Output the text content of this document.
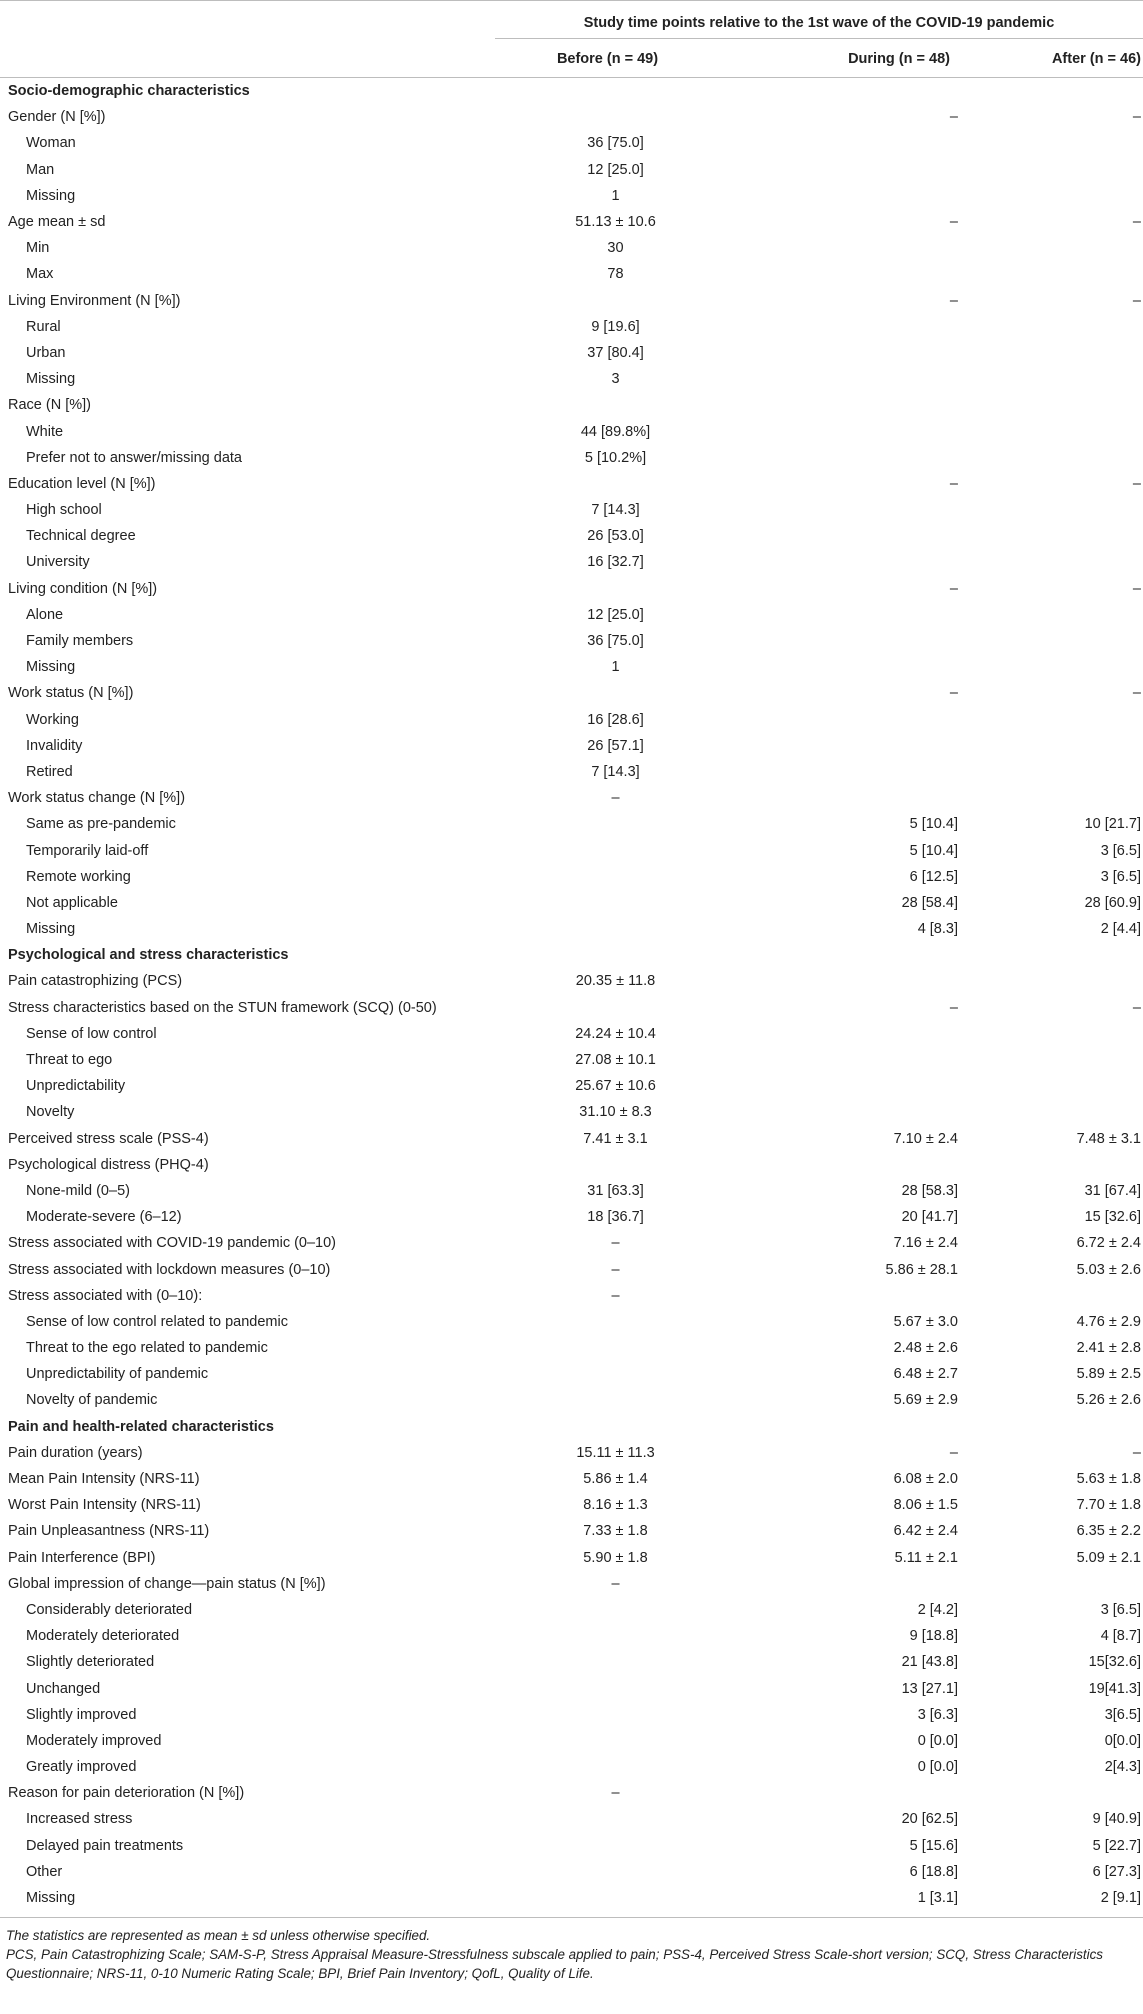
Study time points relative to the 1st wave of the COVID-19 pandemic
Before (n = 49)	During (n = 48)	After (n = 46)
Socio-demographic characteristics			
Gender (N [%])		–	–
Woman	36 [75.0]		
Man	12 [25.0]		
Missing	1		
Age mean ± sd	51.13 ± 10.6	–	–
Min	30		
Max	78		
Living Environment (N [%])		–	–
Rural	9 [19.6]		
Urban	37 [80.4]		
Missing	3		
Race (N [%])			
White	44 [89.8%]		
Prefer not to answer/missing data	5 [10.2%]		
Education level (N [%])		–	–
High school	7 [14.3]		
Technical degree	26 [53.0]		
University	16 [32.7]		
Living condition (N [%])		–	–
Alone	12 [25.0]		
Family members	36 [75.0]		
Missing	1		
Work status (N [%])		–	–
Working	16 [28.6]		
Invalidity	26 [57.1]		
Retired	7 [14.3]		
Work status change (N [%])	–		
Same as pre-pandemic		5 [10.4]	10 [21.7]
Temporarily laid-off		5 [10.4]	3 [6.5]
Remote working		6 [12.5]	3 [6.5]
Not applicable		28 [58.4]	28 [60.9]
Missing		4 [8.3]	2 [4.4]
Psychological and stress characteristics			
Pain catastrophizing (PCS)	20.35 ± 11.8		
Stress characteristics based on the STUN framework (SCQ) (0-50)		–	–
Sense of low control	24.24 ± 10.4		
Threat to ego	27.08 ± 10.1		
Unpredictability	25.67 ± 10.6		
Novelty	31.10 ± 8.3		
Perceived stress scale (PSS-4)	7.41 ± 3.1	7.10 ± 2.4	7.48 ± 3.1
Psychological distress (PHQ-4)			
None-mild (0–5)	31 [63.3]	28 [58.3]	31 [67.4]
Moderate-severe (6–12)	18 [36.7]	20 [41.7]	15 [32.6]
Stress associated with COVID-19 pandemic (0–10)	–	7.16 ± 2.4	6.72 ± 2.4
Stress associated with lockdown measures (0–10)	–	5.86 ± 28.1	5.03 ± 2.6
Stress associated with (0–10):	–		
Sense of low control related to pandemic		5.67 ± 3.0	4.76 ± 2.9
Threat to the ego related to pandemic		2.48 ± 2.6	2.41 ± 2.8
Unpredictability of pandemic		6.48 ± 2.7	5.89 ± 2.5
Novelty of pandemic		5.69 ± 2.9	5.26 ± 2.6
Pain and health-related characteristics			
Pain duration (years)	15.11 ± 11.3	–	–
Mean Pain Intensity (NRS-11)	5.86 ± 1.4	6.08 ± 2.0	5.63 ± 1.8
Worst Pain Intensity (NRS-11)	8.16 ± 1.3	8.06 ± 1.5	7.70 ± 1.8
Pain Unpleasantness (NRS-11)	7.33 ± 1.8	6.42 ± 2.4	6.35 ± 2.2
Pain Interference (BPI)	5.90 ± 1.8	5.11 ± 2.1	5.09 ± 2.1
Global impression of change—pain status (N [%])	–		
Considerably deteriorated		2 [4.2]	3 [6.5]
Moderately deteriorated		9 [18.8]	4 [8.7]
Slightly deteriorated		21 [43.8]	15[32.6]
Unchanged		13 [27.1]	19[41.3]
Slightly improved		3 [6.3]	3[6.5]
Moderately improved		0 [0.0]	0[0.0]
Greatly improved		0 [0.0]	2[4.3]
Reason for pain deterioration (N [%])	–		
Increased stress		20 [62.5]	9 [40.9]
Delayed pain treatments		5 [15.6]	5 [22.7]
Other		6 [18.8]	6 [27.3]
Missing		1 [3.1]	2 [9.1]

The statistics are represented as mean ± sd unless otherwise specified.

PCS, Pain Catastrophizing Scale; SAM-S-P, Stress Appraisal Measure-Stressfulness subscale applied to pain; PSS-4, Perceived Stress Scale-short version; SCQ, Stress Characteristics Questionnaire; NRS-11, 0-10 Numeric Rating Scale; BPI, Brief Pain Inventory; QofL, Quality of Life.
